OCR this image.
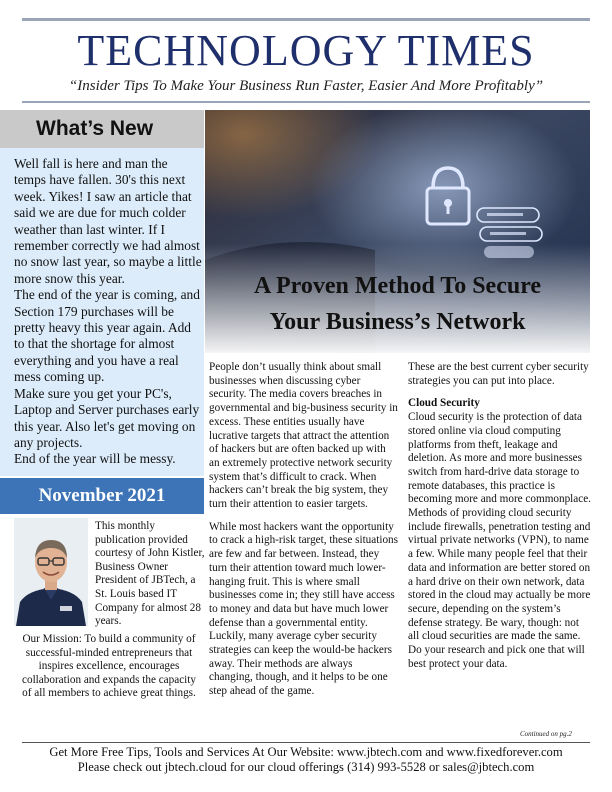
TECHNOLOGY TIMES
“Insider Tips To Make Your Business Run Faster, Easier And More Profitably”
What’s New

Well fall is here and man the temps have fallen. 30's this next week. Yikes! I saw an article that said we are due for much colder weather than last winter. If I remember correctly we had almost no snow last year, so maybe a little more snow this year.

The end of the year is coming, and Section 179 purchases will be pretty heavy this year again. Add to that the shortage for almost everything and you have a real mess coming up.

Make sure you get your PC's, Laptop and Server purchases early this year. Also let's get moving on any projects.

End of the year will be messy.

November 2021
This monthly publication provided courtesy of John Kistler, Business Owner President of JBTech, a St. Louis based IT Company for almost 28 years.
Our Mission: To build a community of successful-minded entrepreneurs that inspires excellence, encourages collaboration and expands the capacity of all members to achieve great things.
A Proven Method To Secure
Your Business’s Network

People don’t usually think about small businesses when discussing cyber security. The media covers breaches in governmental and big-business security in excess. These entities usually have lucrative targets that attract the attention of hackers but are often backed up with an extremely protective network security system that’s difficult to crack. When hackers can’t break the big system, they turn their attention to easier targets.

While most hackers want the opportunity to crack a high-risk target, these situations are few and far between. Instead, they turn their attention toward much lower-hanging fruit. This is where small businesses come in; they still have access to money and data but have much lower defense than a governmental entity. Luckily, many average cyber security strategies can keep the would-be hackers away. Their methods are always changing, though, and it helps to be one step ahead of the game.

These are the best current cyber security strategies you can put into place.

Cloud Security

Cloud security is the protection of data stored online via cloud computing platforms from theft, leakage and deletion. As more and more businesses switch from hard-drive data storage to remote databases, this practice is becoming more and more commonplace. Methods of providing cloud security include firewalls, penetration testing and virtual private networks (VPN), to name a few. While many people feel that their data and information are better stored on a hard drive on their own network, data stored in the cloud may actually be more secure, depending on the system’s defense strategy. Be wary, though: not all cloud securities are made the same. Do your research and pick one that will best protect your data.

Continued on pg.2
Get More Free Tips, Tools and Services At Our Website: www.jbtech.com and www.fixedforever.com
Please check out jbtech.cloud for our cloud offerings (314) 993-5528 or sales@jbtech.com
